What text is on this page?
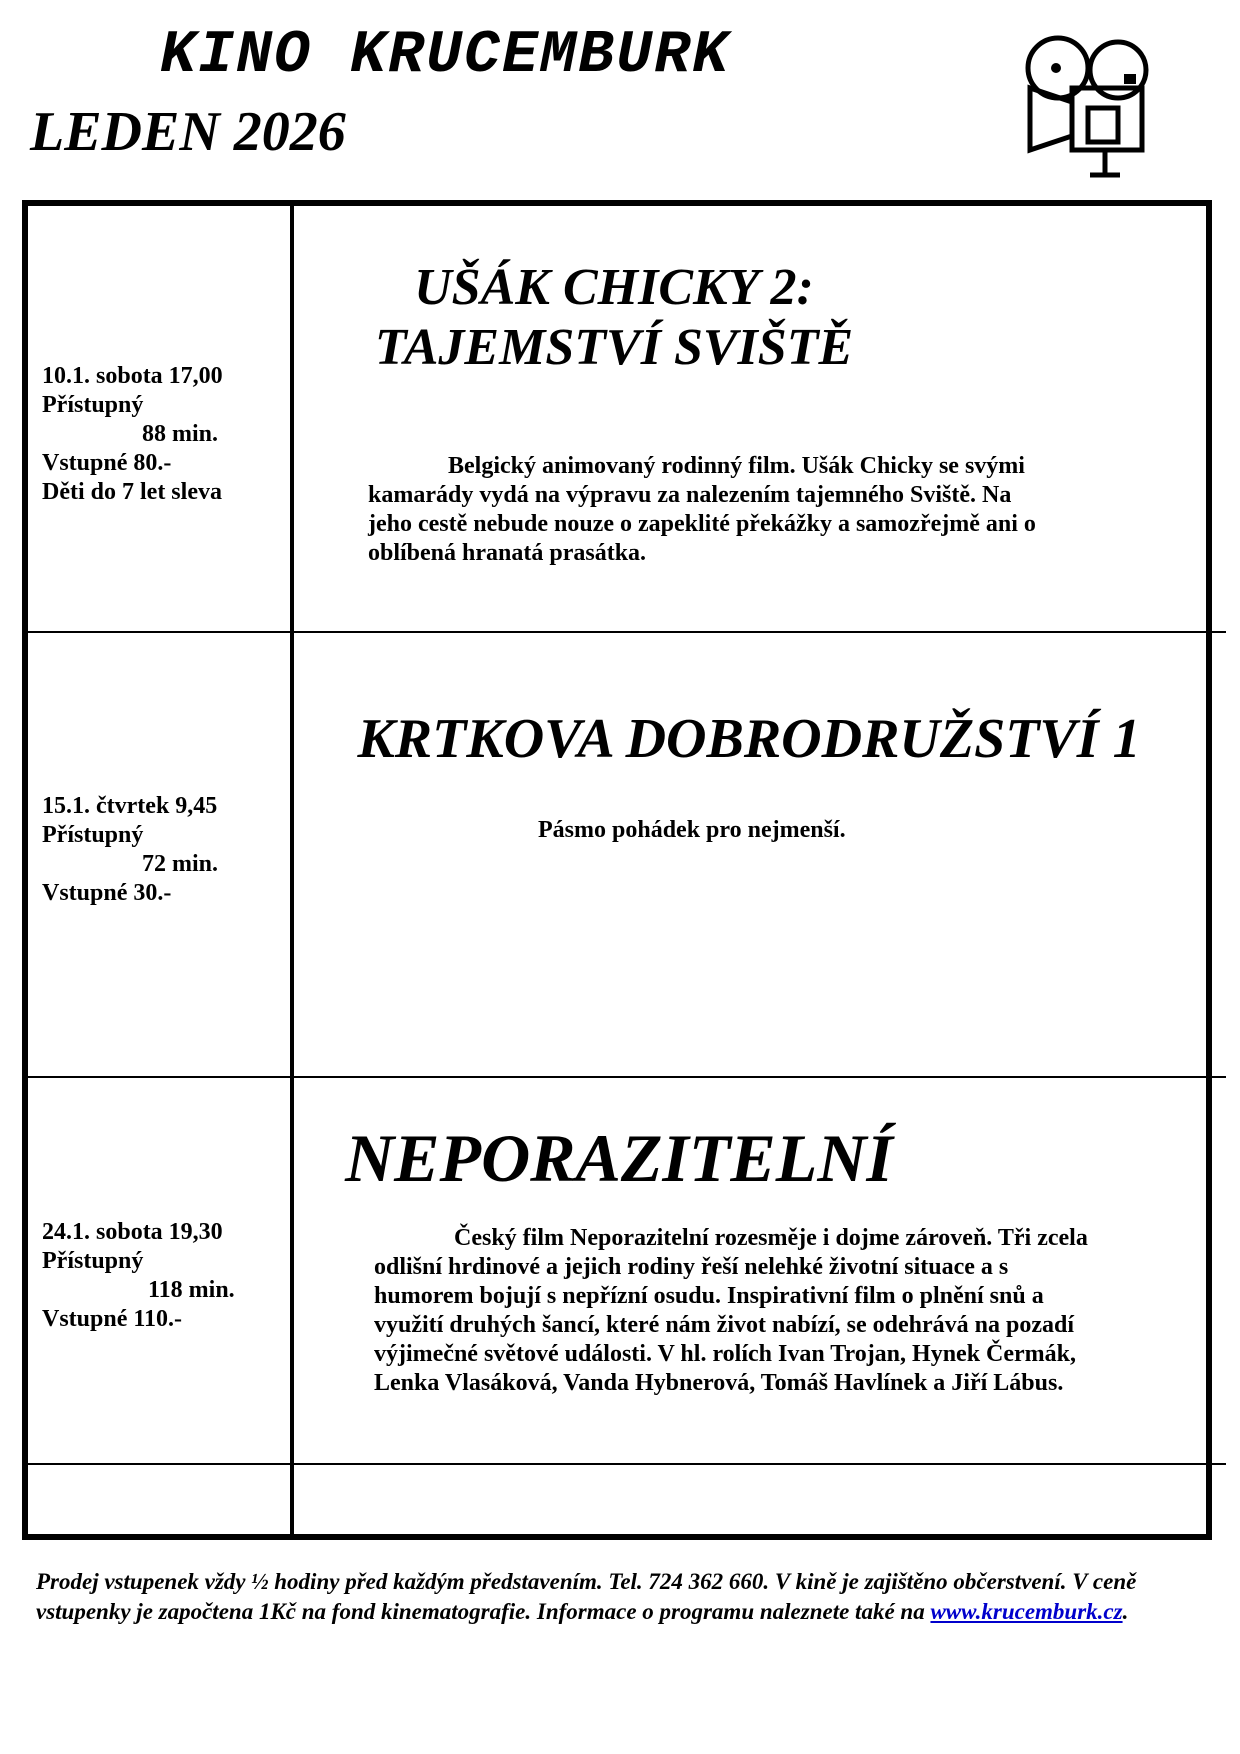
KINO KRUCEMBURK
LEDEN 2026
10.1. sobota 17,00
Přístupný
88 min.
Vstupné 80.-
Děti do 7 let sleva
UŠÁK CHICKY 2:
TAJEMSTVÍ SVIŠTĚ

Belgický animovaný rodinný film. Ušák Chicky se svými kamarády vydá na výpravu za nalezením tajemného Sviště. Na jeho cestě nebude nouze o zapeklité překážky a samozřejmě ani o oblíbená hranatá prasátka.

15.1. čtvrtek 9,45
Přístupný
72 min.
Vstupné 30.-
KRTKOVA DOBRODRUŽSTVÍ 1

Pásmo pohádek pro nejmenší.

24.1. sobota 19,30
Přístupný
118 min.
Vstupné 110.-
NEPORAZITELNÍ

Český film Neporazitelní rozesměje i dojme zároveň. Tři zcela odlišní hrdinové a jejich rodiny řeší nelehké životní situace a s humorem bojují s nepřízní osudu. Inspirativní film o plnění snů a využití druhých šancí, které nám život nabízí, se odehrává na pozadí výjimečné světové události. V hl. rolích Ivan Trojan, Hynek Čermák, Lenka Vlasáková, Vanda Hybnerová, Tomáš Havlínek a Jiří Lábus.

Prodej vstupenek vždy ½ hodiny před každým představením. Tel. 724 362 660. V kině je zajištěno občerstvení. V ceně vstupenky je započtena 1Kč na fond kinematografie. Informace o programu naleznete také na www.krucemburk.cz.
